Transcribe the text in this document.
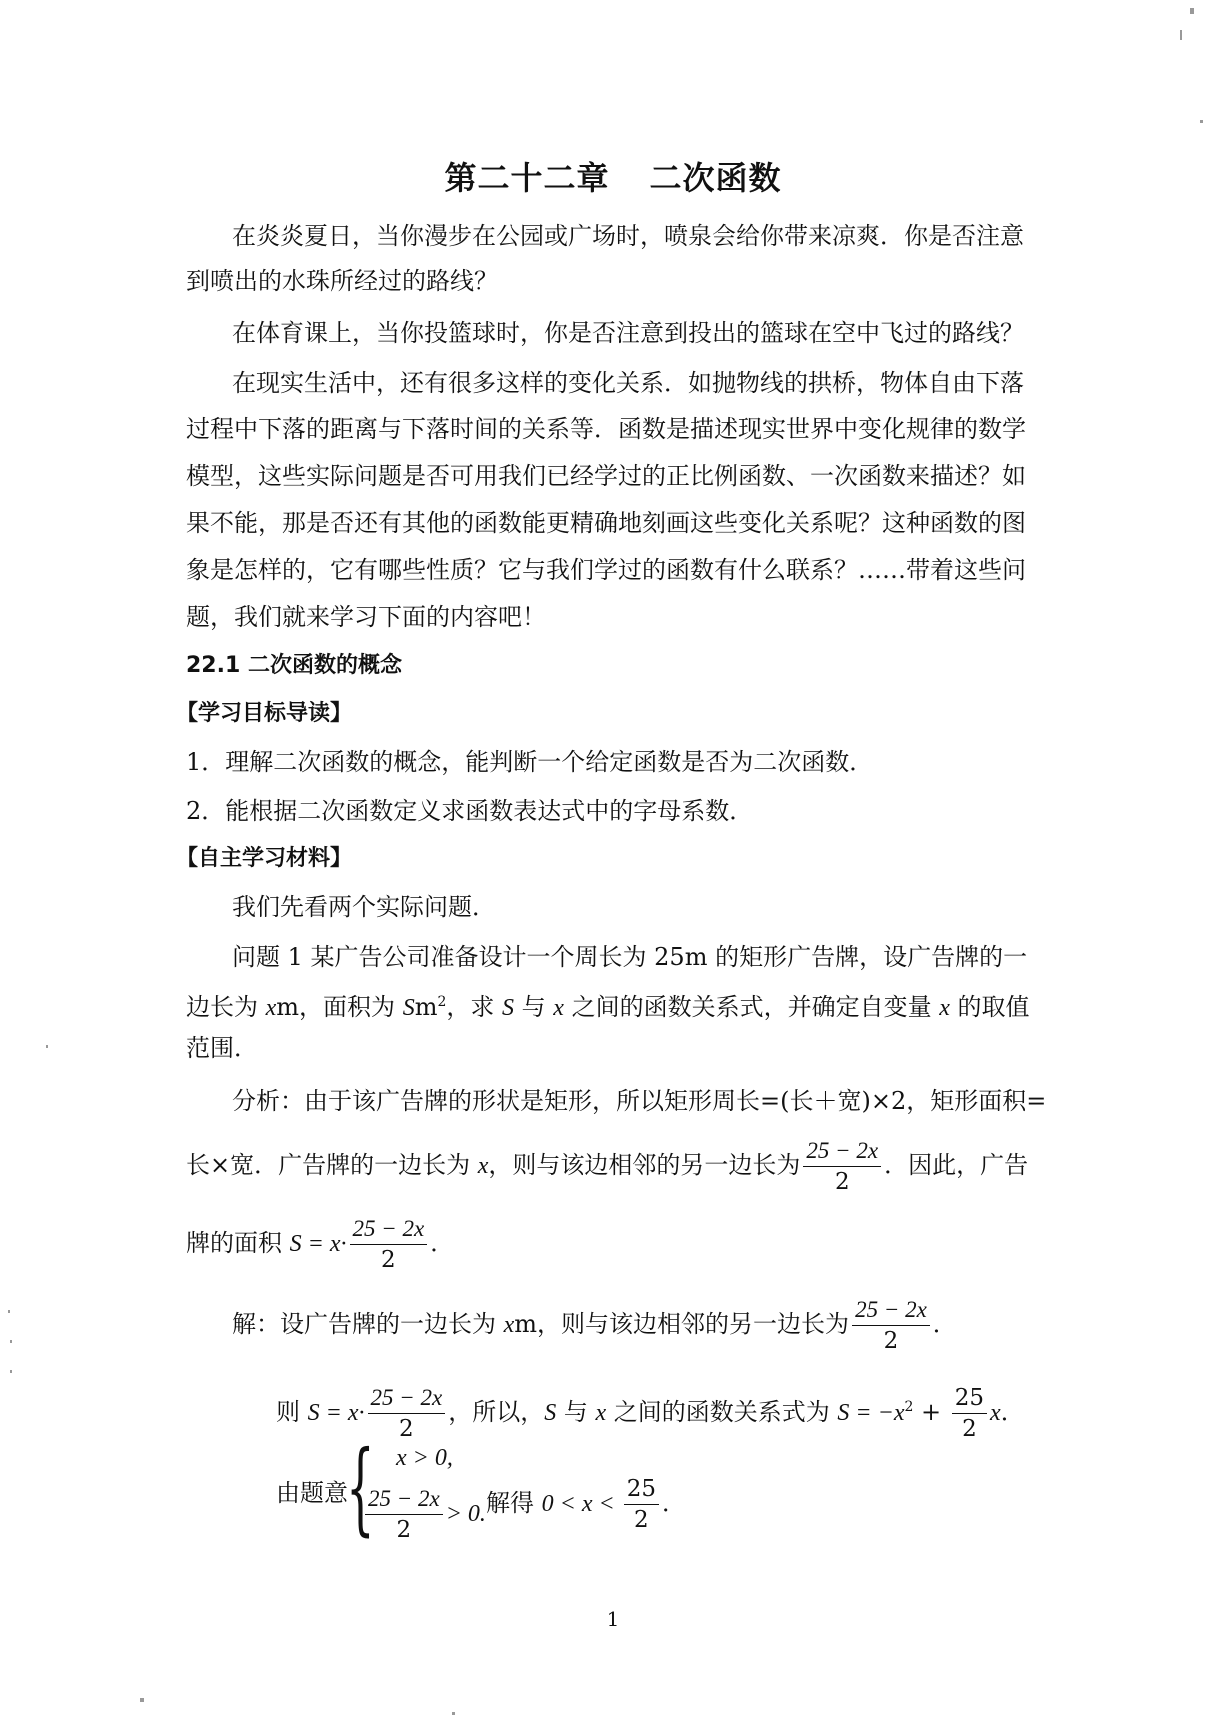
第二十二章 二次函数
在炎炎夏日，当你漫步在公园或广场时，喷泉会给你带来凉爽．你是否注意
到喷出的水珠所经过的路线？
在体育课上，当你投篮球时，你是否注意到投出的篮球在空中飞过的路线？
在现实生活中，还有很多这样的变化关系．如抛物线的拱桥，物体自由下落
过程中下落的距离与下落时间的关系等．函数是描述现实世界中变化规律的数学
模型，这些实际问题是否可用我们已经学过的正比例函数、一次函数来描述？如
果不能，那是否还有其他的函数能更精确地刻画这些变化关系呢？这种函数的图
象是怎样的，它有哪些性质？它与我们学过的函数有什么联系？……带着这些问
题，我们就来学习下面的内容吧！
22.1 二次函数的概念
【学习目标导读】
1．理解二次函数的概念，能判断一个给定函数是否为二次函数．
2．能根据二次函数定义求函数表达式中的字母系数．
【自主学习材料】
我们先看两个实际问题．
问题 1 某广告公司准备设计一个周长为 25m 的矩形广告牌，设广告牌的一
边长为 xm，面积为 Sm$^2$，求 S 与 x 之间的函数关系式，并确定自变量 x 的取值
范围．
分析：由于该广告牌的形状是矩形，所以矩形周长=(长＋宽)×2，矩形面积=
长×宽．广告牌的一边长为 x，则与该边相邻的另一边长为 $\frac{25 - 2x}{2}$ ．因此，广告
牌的面积 $S = x\cdot \frac{25 - 2x}{2}$ ．
解：设广告牌的一边长为 xm，则与该边相邻的另一边长为 $\frac{25 - 2x}{2}$ ．
则 $S = x\cdot \frac{25 - 2x}{2}$ ，所以，S 与 x 之间的函数关系式为 $S = -x^2 + \frac{25}{2}$ x．
由题意
{ x > 0,
$\frac{25 - 2x}{2} > 0$. 解得 $0 < x < \frac{25}{2}$ ．
1
